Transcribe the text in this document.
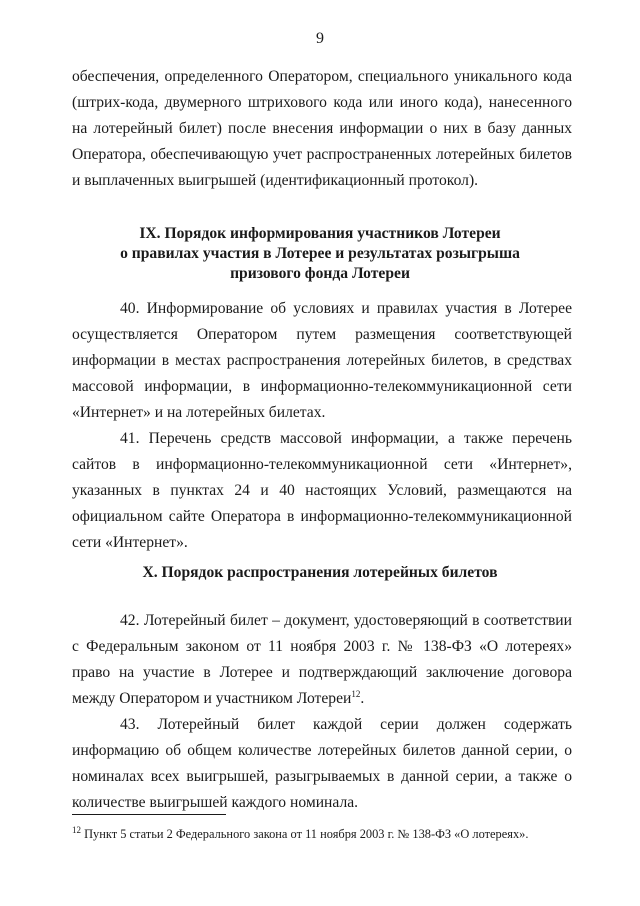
9

обеспечения, определенного Оператором, специального уникального кода (штрих-кода, двумерного штрихового кода или иного кода), нанесенного на лотерейный билет) после внесения информации о них в базу данных Оператора, обеспечивающую учет распространенных лотерейных билетов и выплаченных выигрышей (идентификационный протокол).

IX. Порядок информирования участников Лотереи
о правилах участия в Лотерее и результатах розыгрыша
призового фонда Лотереи

40. Информирование об условиях и правилах участия в Лотерее осуществляется Оператором путем размещения соответствующей информации в местах распространения лотерейных билетов, в средствах массовой информации, в информационно-телекоммуникационной сети «Интернет» и на лотерейных билетах.

41. Перечень средств массовой информации, а также перечень сайтов в информационно-телекоммуникационной сети «Интернет», указанных в пунктах 24 и 40 настоящих Условий, размещаются на официальном сайте Оператора в информационно-телекоммуникационной сети «Интернет».

X. Порядок распространения лотерейных билетов

42. Лотерейный билет – документ, удостоверяющий в соответствии с Федеральным законом от 11 ноября 2003 г. № 138-ФЗ «О лотереях» право на участие в Лотерее и подтверждающий заключение договора между Оператором и участником Лотереи$^{12}$.

43. Лотерейный билет каждой серии должен содержать информацию об общем количестве лотерейных билетов данной серии, о номиналах всех выигрышей, разыгрываемых в данной серии, а также о количестве выигрышей каждого номинала.

$^{12}$ Пункт 5 статьи 2 Федерального закона от 11 ноября 2003 г. № 138-ФЗ «О лотереях».
